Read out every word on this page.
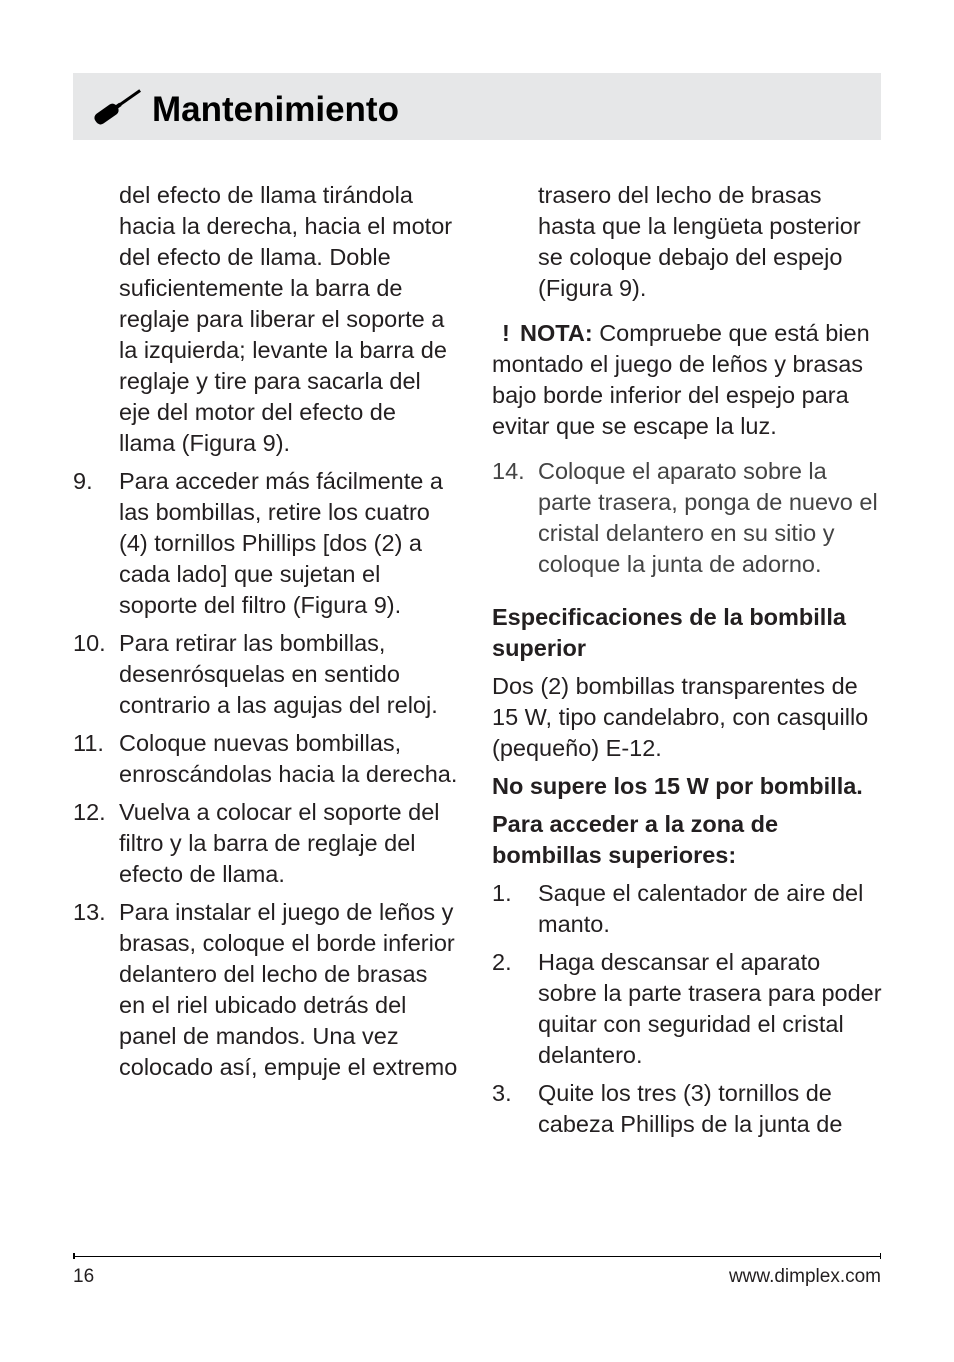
Mantenimiento
del efecto de llama tirándola hacia la derecha, hacia el motor del efecto de llama. Doble suficientemente la barra de reglaje para liberar el soporte a la izquierda; levante la barra de reglaje y tire para sacarla del eje del motor del efecto de llama (Figura 9).
9. Para acceder más fácilmente a las bombillas, retire los cuatro (4) tornillos Phillips [dos (2) a cada lado] que sujetan el soporte del filtro (Figura 9).
10. Para retirar las bombillas, desenrósquelas en sentido contrario a las agujas del reloj.
11. Coloque nuevas bombillas, enroscándolas hacia la derecha.
12. Vuelva a colocar el soporte del filtro y la barra de reglaje del efecto de llama.
13. Para instalar el juego de leños y brasas, coloque el borde inferior delantero del lecho de brasas en el riel ubicado detrás del panel de mandos. Una vez colocado así, empuje el extremo
trasero del lecho de brasas hasta que la lengüeta posterior se coloque debajo del espejo (Figura 9).
! NOTA: Compruebe que está bien montado el juego de leños y brasas bajo borde inferior del espejo para evitar que se escape la luz.
14. Coloque el aparato sobre la parte trasera, ponga de nuevo el cristal delantero en su sitio y coloque la junta de adorno.
Especificaciones de la bombilla superior
Dos (2) bombillas transparentes de 15 W, tipo candelabro, con casquillo (pequeño) E-12.
No supere los 15 W por bombilla.
Para acceder a la zona de bombillas superiores:
1. Saque el calentador de aire del manto.
2. Haga descansar el aparato sobre la parte trasera para poder quitar con seguridad el cristal delantero.
3. Quite los tres (3) tornillos de cabeza Phillips de la junta de
16	www.dimplex.com
